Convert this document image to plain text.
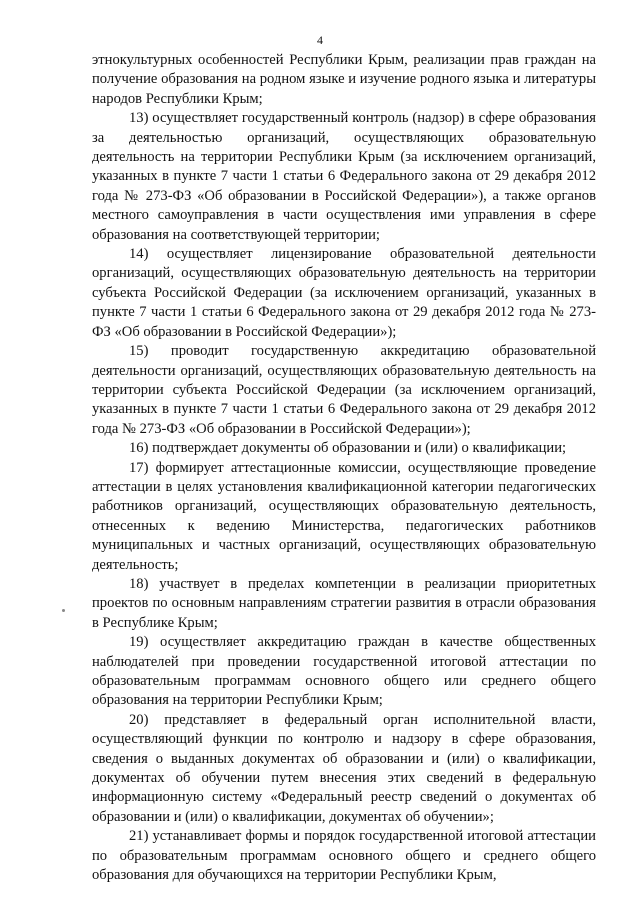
4

этнокультурных особенностей Республики Крым, реализации прав граждан на получение образования на родном языке и изучение родного языка и литературы народов Республики Крым;

13) осуществляет государственный контроль (надзор) в сфере образования за деятельностью организаций, осуществляющих образовательную деятельность на территории Республики Крым (за исключением организаций, указанных в пункте 7 части 1 статьи 6 Федерального закона от 29 декабря 2012 года № 273-ФЗ «Об образовании в Российской Федерации»), а также органов местного самоуправления в части осуществления ими управления в сфере образования на соответствующей территории;

14) осуществляет лицензирование образовательной деятельности организаций, осуществляющих образовательную деятельность на территории субъекта Российской Федерации (за исключением организаций, указанных в пункте 7 части 1 статьи 6 Федерального закона от 29 декабря 2012 года № 273-ФЗ «Об образовании в Российской Федерации»);

15) проводит государственную аккредитацию образовательной деятельности организаций, осуществляющих образовательную деятельность на территории субъекта Российской Федерации (за исключением организаций, указанных в пункте 7 части 1 статьи 6 Федерального закона от 29 декабря 2012 года № 273-ФЗ «Об образовании в Российской Федерации»);

16) подтверждает документы об образовании и (или) о квалификации;

17) формирует аттестационные комиссии, осуществляющие проведение аттестации в целях установления квалификационной категории педагогических работников организаций, осуществляющих образовательную деятельность, отнесенных к ведению Министерства, педагогических работников муниципальных и частных организаций, осуществляющих образовательную деятельность;

18) участвует в пределах компетенции в реализации приоритетных проектов по основным направлениям стратегии развития в отрасли образования в Республике Крым;

19) осуществляет аккредитацию граждан в качестве общественных наблюдателей при проведении государственной итоговой аттестации по образовательным программам основного общего или среднего общего образования на территории Республики Крым;

20) представляет в федеральный орган исполнительной власти, осуществляющий функции по контролю и надзору в сфере образования, сведения о выданных документах об образовании и (или) о квалификации, документах об обучении путем внесения этих сведений в федеральную информационную систему «Федеральный реестр сведений о документах об образовании и (или) о квалификации, документах об обучении»;

21) устанавливает формы и порядок государственной итоговой аттестации по образовательным программам основного общего и среднего общего образования для обучающихся на территории Республики Крым,
